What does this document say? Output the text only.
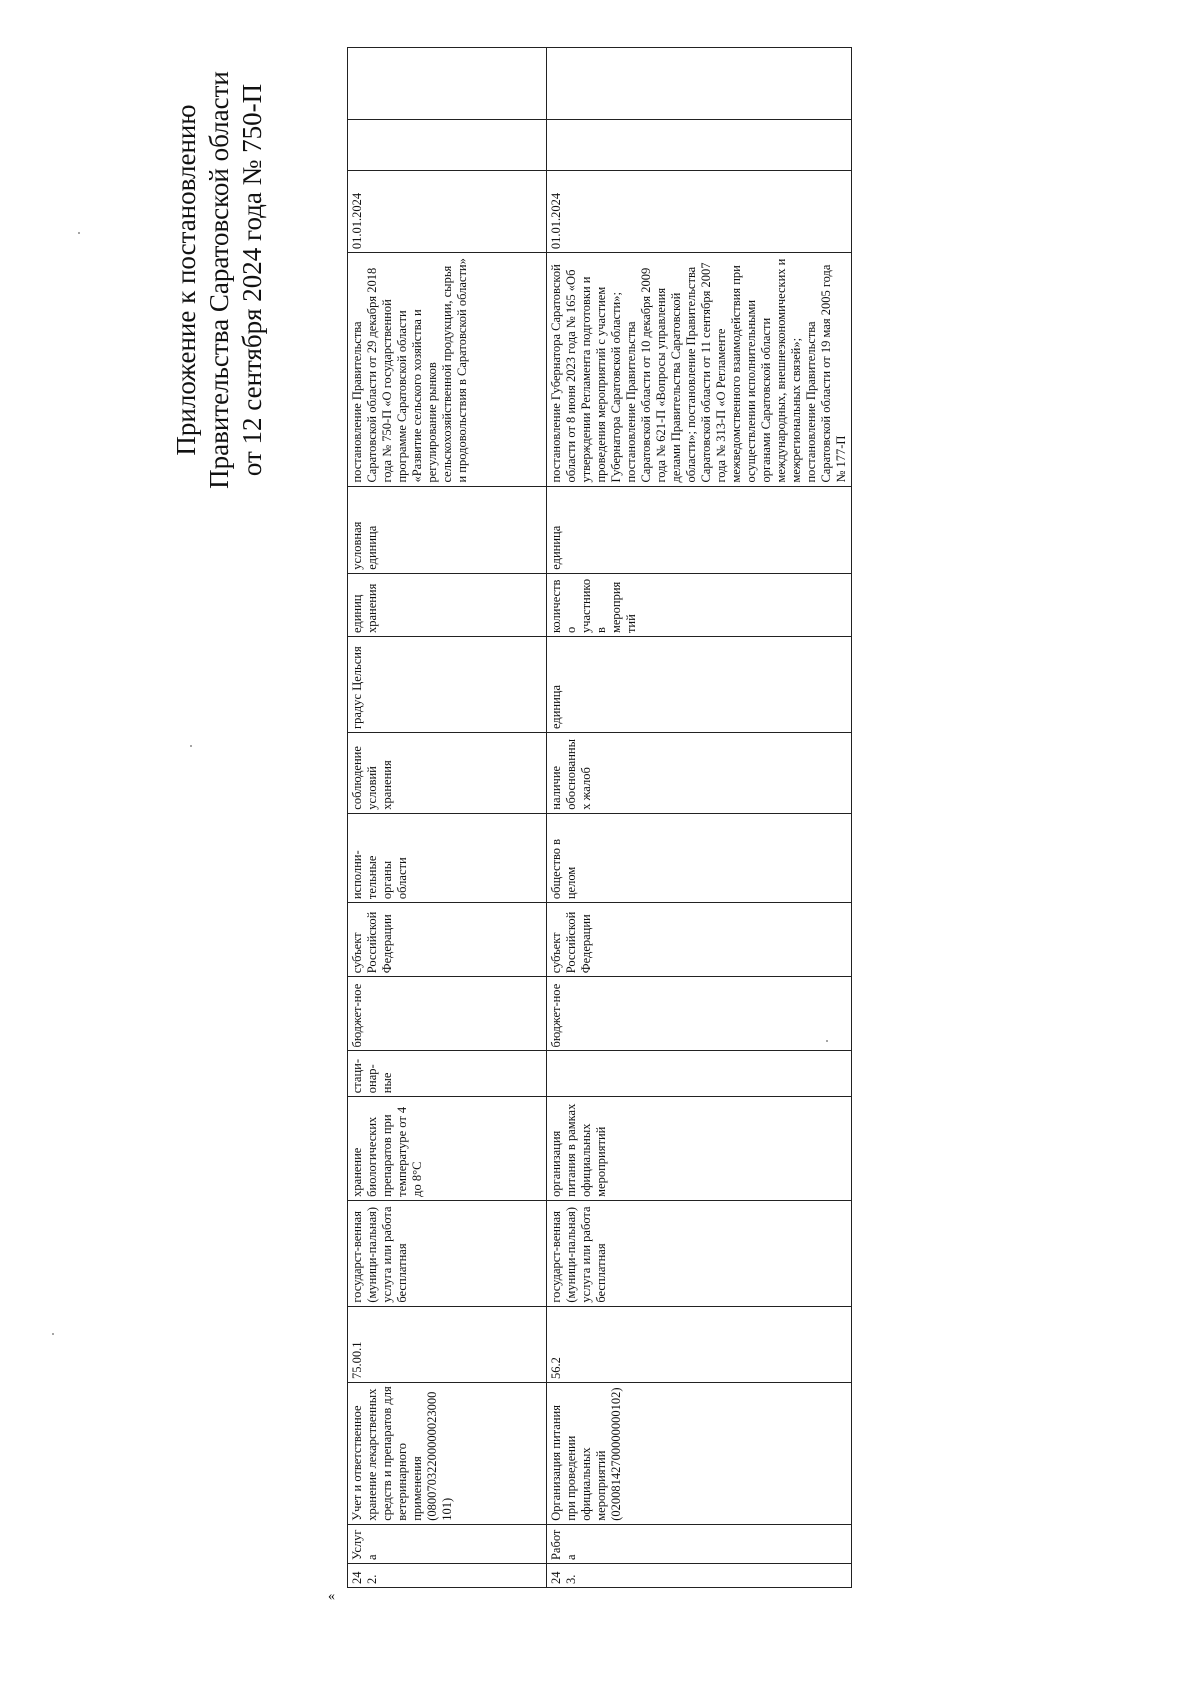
Приложение к постановлению Правительства Саратовской области от 12 сентября 2024 года № 750-П
«
242.	Услуга	Учет и ответственное хранение лекарственных средств и препаратов для ветеринарного применения (08007032200000023000101)	75.00.1	государст-венная (муници-пальная) услуга или работа бесплатная	хранение биологических препаратов при температуре от 4 до 8°С	стаци-онар-ные	бюджет-ное	субъект Российской Федерации	исполни-тельные органы области	соблюдение условий хранения	градус Цельсия	единиц хранения	условная единица	постановление Правительства Саратовской области от 29 декабря 2018 года № 750-П «О государственной программе Саратовской области «Развитие сельского хозяйства и регулирование рынков сельскохозяйственной продукции, сырья и продовольствия в Саратовской области»	01.01.2024		
243.	Работа	Организация питания при проведении официальных мероприятий (02008142700000000102)	56.2	государст-венная (муници-пальная) услуга или работа бесплатная	организация питания в рамках официальных мероприятий		бюджет-ное	субъект Российской Федерации	общество в целом	наличие обоснованных жалоб	единица	количество участников мероприятий	единица	постановление Губернатора Саратовской области от 8 июня 2023 года № 165 «Об утверждении Регламента подготовки и проведения мероприятий с участием Губернатора Саратовской области»; постановление Правительства Саратовской области от 10 декабря 2009 года № 621-П «Вопросы управления делами Правительства Саратовской области»; постановление Правительства Саратовской области от 11 сентября 2007 года № 313-П «О Регламенте межведомственного взаимодействия при осуществлении исполнительными органами Саратовской области международных, внешнеэкономических и межрегиональных связей»; постановление Правительства Саратовской области от 19 мая 2005 года № 177-П	01.01.2024		
